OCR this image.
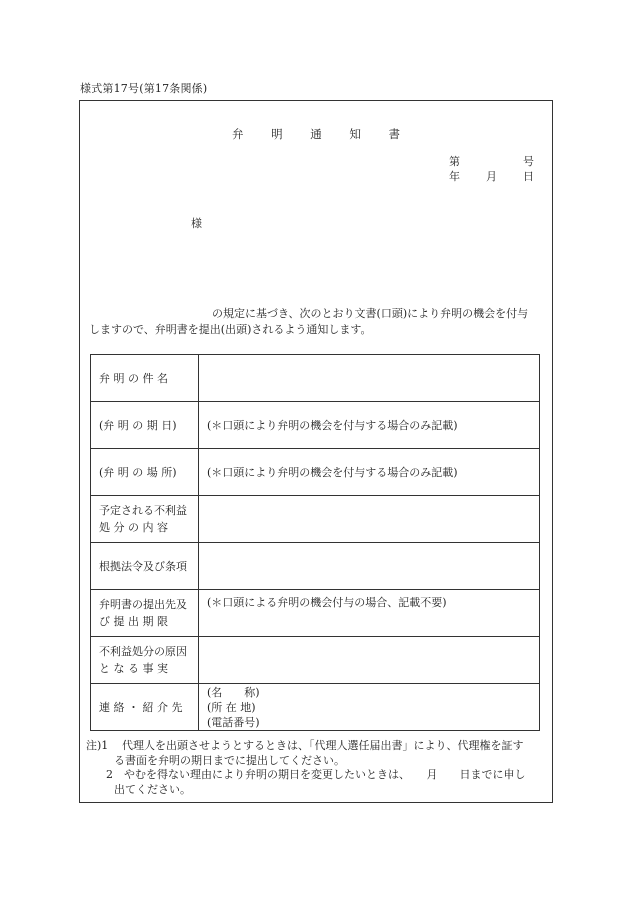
様式第17号(第17条関係)
弁 明 通 知 書
第	号
年 月 日
様
の規定に基づき、次のとおり文書(口頭)により弁明の機会を付与
しますので、弁明書を提出(出頭)されるよう通知します。
弁 明 の 件 名	
(弁 明 の 期 日)	(＊口頭により弁明の機会を付与する場合のみ記載)
(弁 明 の 場 所)	(＊口頭により弁明の機会を付与する場合のみ記載)

予定される不利益
処 分 の 内 容	

根拠法令及び条項	

弁明書の提出先及
び 提 出 期 限	(＊口頭による弁明の機会付与の場合、記載不要)

不利益処分の原因
と な る 事 実	

連 絡 ・ 紹 介 先	(名　　称)
(所 在 地)
(電話番号)
注)1	代理人を出頭させようとするときは、「代理人選任届出書」により、代理権を証す
る書面を弁明の期日までに提出してください。
2　やむを得ない理由により弁明の期日を変更したいときは、　　月　　日までに申し
出てください。
